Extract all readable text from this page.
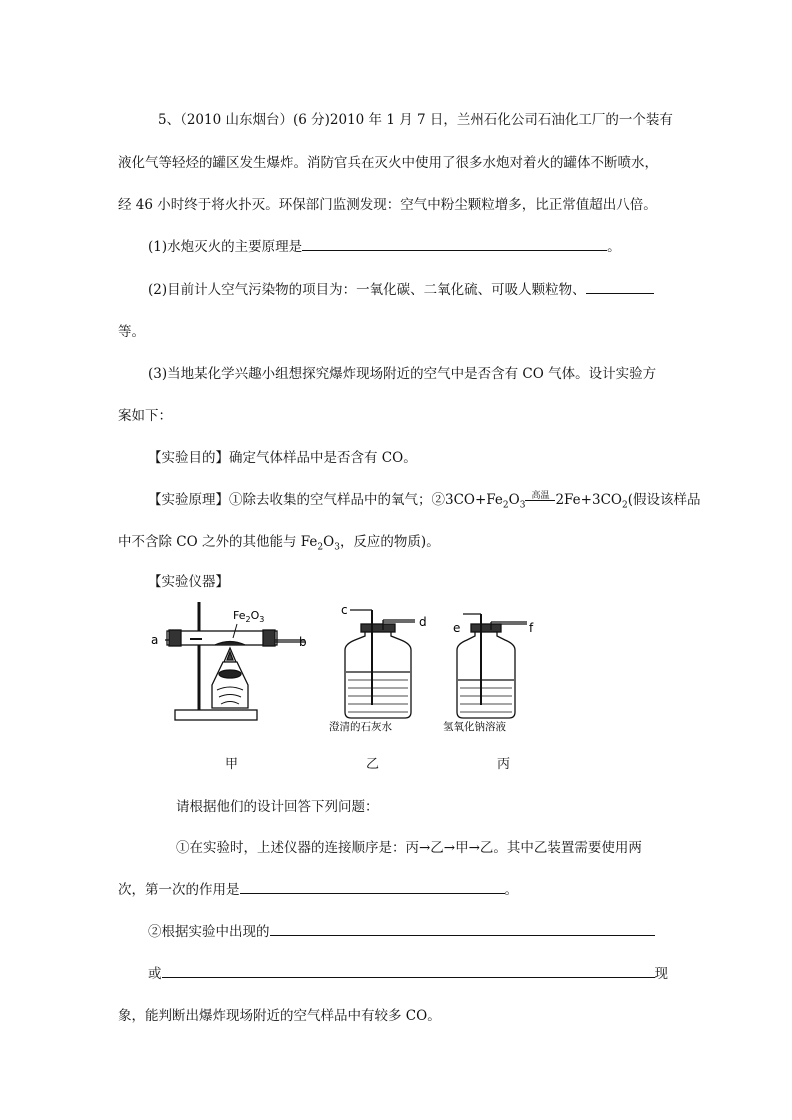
5、（2010 山东烟台）(6 分)2010 年 1 月 7 日，兰州石化公司石油化工厂的一个装有
液化气等轻烃的罐区发生爆炸。消防官兵在灭火中使用了很多水炮对着火的罐体不断喷水，
经 46 小时终于将火扑灭。环保部门监测发现：空气中粉尘颗粒增多，比正常值超出八倍。
(1)水炮灭火的主要原理是	。
(2)目前计人空气污染物的项目为：一氧化碳、二氧化硫、可吸人颗粒物、
等。
(3)当地某化学兴趣小组想探究爆炸现场附近的空气中是否含有 CO 气体。设计实验方
案如下：
【实验目的】确定气体样品中是否含有 CO。
【实验原理】①除去收集的空气样品中的氧气；$②3CO+Fe_2O_3$
高温 $2Fe+3CO_2$(假设该样品
中不含除 CO 之外的其他能与 $Fe_2O_3$，反应的物质)。
【实验仪器】
$Fe_2O_3$
a	b
c
d
澄清的石灰水
e	f
氢氧化钠溶液
甲	乙	丙
请根据他们的设计回答下列问题：
①在实验时，上述仪器的连接顺序是：丙→乙→甲→乙。其中乙装置需要使用两
次，第一次的作用是	。
②根据实验中出现的
或	现
象，能判断出爆炸现场附近的空气样品中有较多 CO。
